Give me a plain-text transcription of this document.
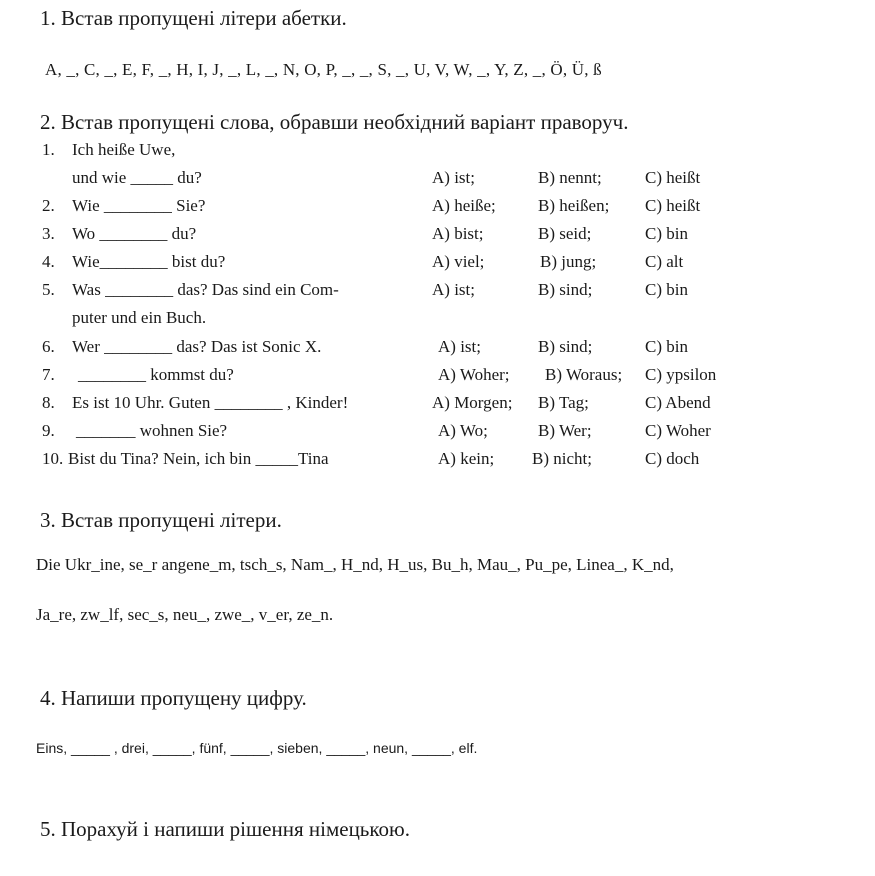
1. Встав пропущені літери абетки.
A, _, C, _, E, F, _, H, I, J, _, L, _, N, O, P, _, _, S, _, U, V, W, _, Y, Z, _, Ö, Ü, ß
2. Встав пропущені слова, обравши необхідний варіант праворуч.
1. Ich heiße Uwe,
und wie _____ du?	A) ist;	B) nennt;	C) heißt
2. Wie ________ Sie?	A) heiße; B) heißen; C) heißt
3. Wo ________ du?	A) bist;	B) seid;	C) bin
4. Wie________ bist du?	A) viel;	B) jung;	C) alt
5. Was ________ das? Das sind ein Com-
puter und ein Buch.
A) ist;	B) sind;	C) bin
6. Wer ________ das? Das ist Sonic X.	A) ist;	B) sind;	C) bin
7. ________ kommst du?	A) Woher; B) Woraus; C) ypsilon
8. Es ist 10 Uhr. Guten ________ , Kinder!	A) Morgen; B) Tag;	C) Abend
9. _______ wohnen Sie?	A) Wo;	B) Wer;	C) Woher
10. Bist du Tina? Nein, ich bin _____Tina	A) kein; B) nicht;	C) doch
3. Встав пропущені літери.
Die Ukr_ine, se_r angene_m, tsch_s, Nam_, H_nd, H_us, Bu_h, Mau_, Pu_pe, Linea_, K_nd,
Ja_re, zw_lf, sec_s, neu_, zwe_, v_er, ze_n.
4. Напиши пропущену цифру.
Eins, _____ , drei, _____, fünf, _____, sieben, _____, neun, _____, elf.
5. Порахуй і напиши рішення німецькою.
